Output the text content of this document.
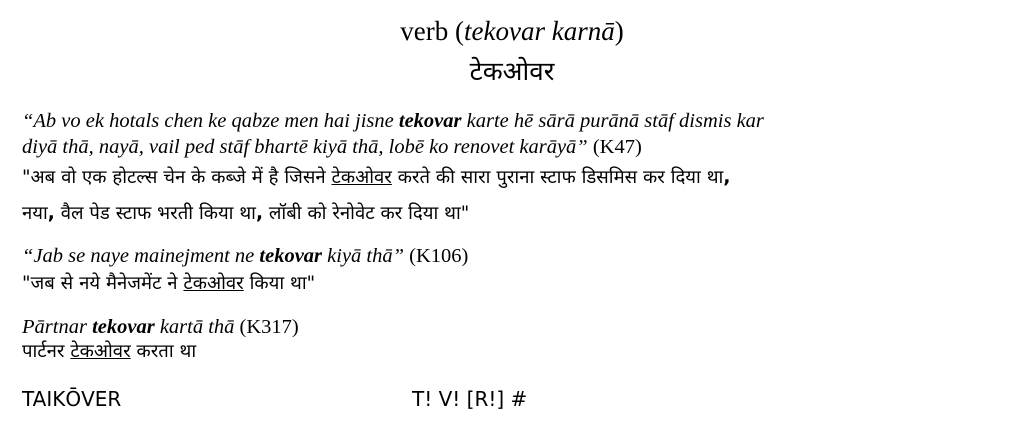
verb (tekovar karnā)
टेकओवर
“Ab vo ek hotals chen ke qabze men hai jisne tekovar karte hē sārā purānā stāf dismis kar
diyā thā, nayā, vail ped stāf bhartē kiyā thā, lobē ko renovet karāyā” (K47)
"अब वो एक होटल्स चेन के कब्जे में है जिसने टेकओवर करते की सारा पुराना स्टाफ डिसमिस कर दिया था,
नया, वैल पेड स्टाफ भरती किया था, लॉबी को रेनोवेट कर दिया था"
“Jab se naye mainejment ne tekovar kiyā thā” (K106)
"जब से नये मैनेजमेंट ने टेकओवर किया था"
Pārtnar tekovar kartā thā (K317)
पार्टनर टेकओवर करता था
TAIKŌVER	T! V! [R!] #
